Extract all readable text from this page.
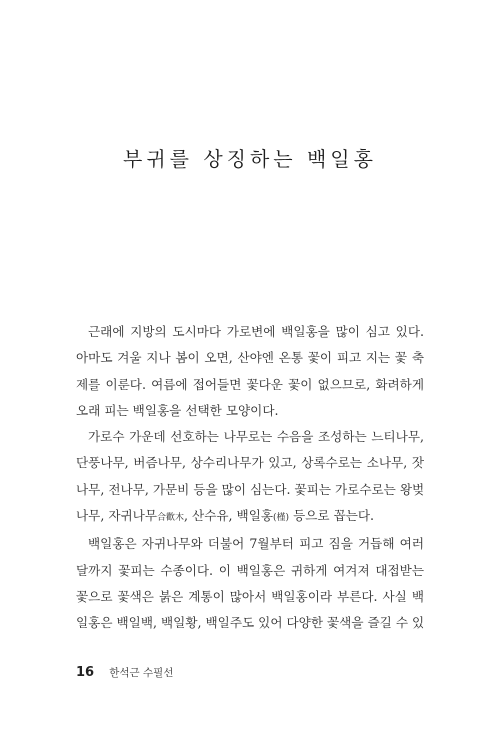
부귀를 상징하는 백일홍
근래에 지방의 도시마다 가로변에 백일홍을 많이 심고 있다.
아마도 겨울 지나 봄이 오면, 산야엔 온통 꽃이 피고 지는 꽃 축
제를 이룬다. 여름에 접어들면 꽃다운 꽃이 없으므로, 화려하게
오래 피는 백일홍을 선택한 모양이다.
가로수 가운데 선호하는 나무로는 수음을 조성하는 느티나무,
단풍나무, 버즘나무, 상수리나무가 있고, 상록수로는 소나무, 잣
나무, 전나무, 가문비 등을 많이 심는다. 꽃피는 가로수로는 왕벚
나무, 자귀나무合歡木, 산수유, 백일홍(槿) 등으로 꼽는다.
백일홍은 자귀나무와 더불어 7월부터 피고 짐을 거듭해 여러
달까지 꽃피는 수종이다. 이 백일홍은 귀하게 여겨져 대접받는
꽃으로 꽃색은 붉은 계통이 많아서 백일홍이라 부른다. 사실 백
일홍은 백일백, 백일황, 백일주도 있어 다양한 꽃색을 즐길 수 있
16 한석근 수필선
